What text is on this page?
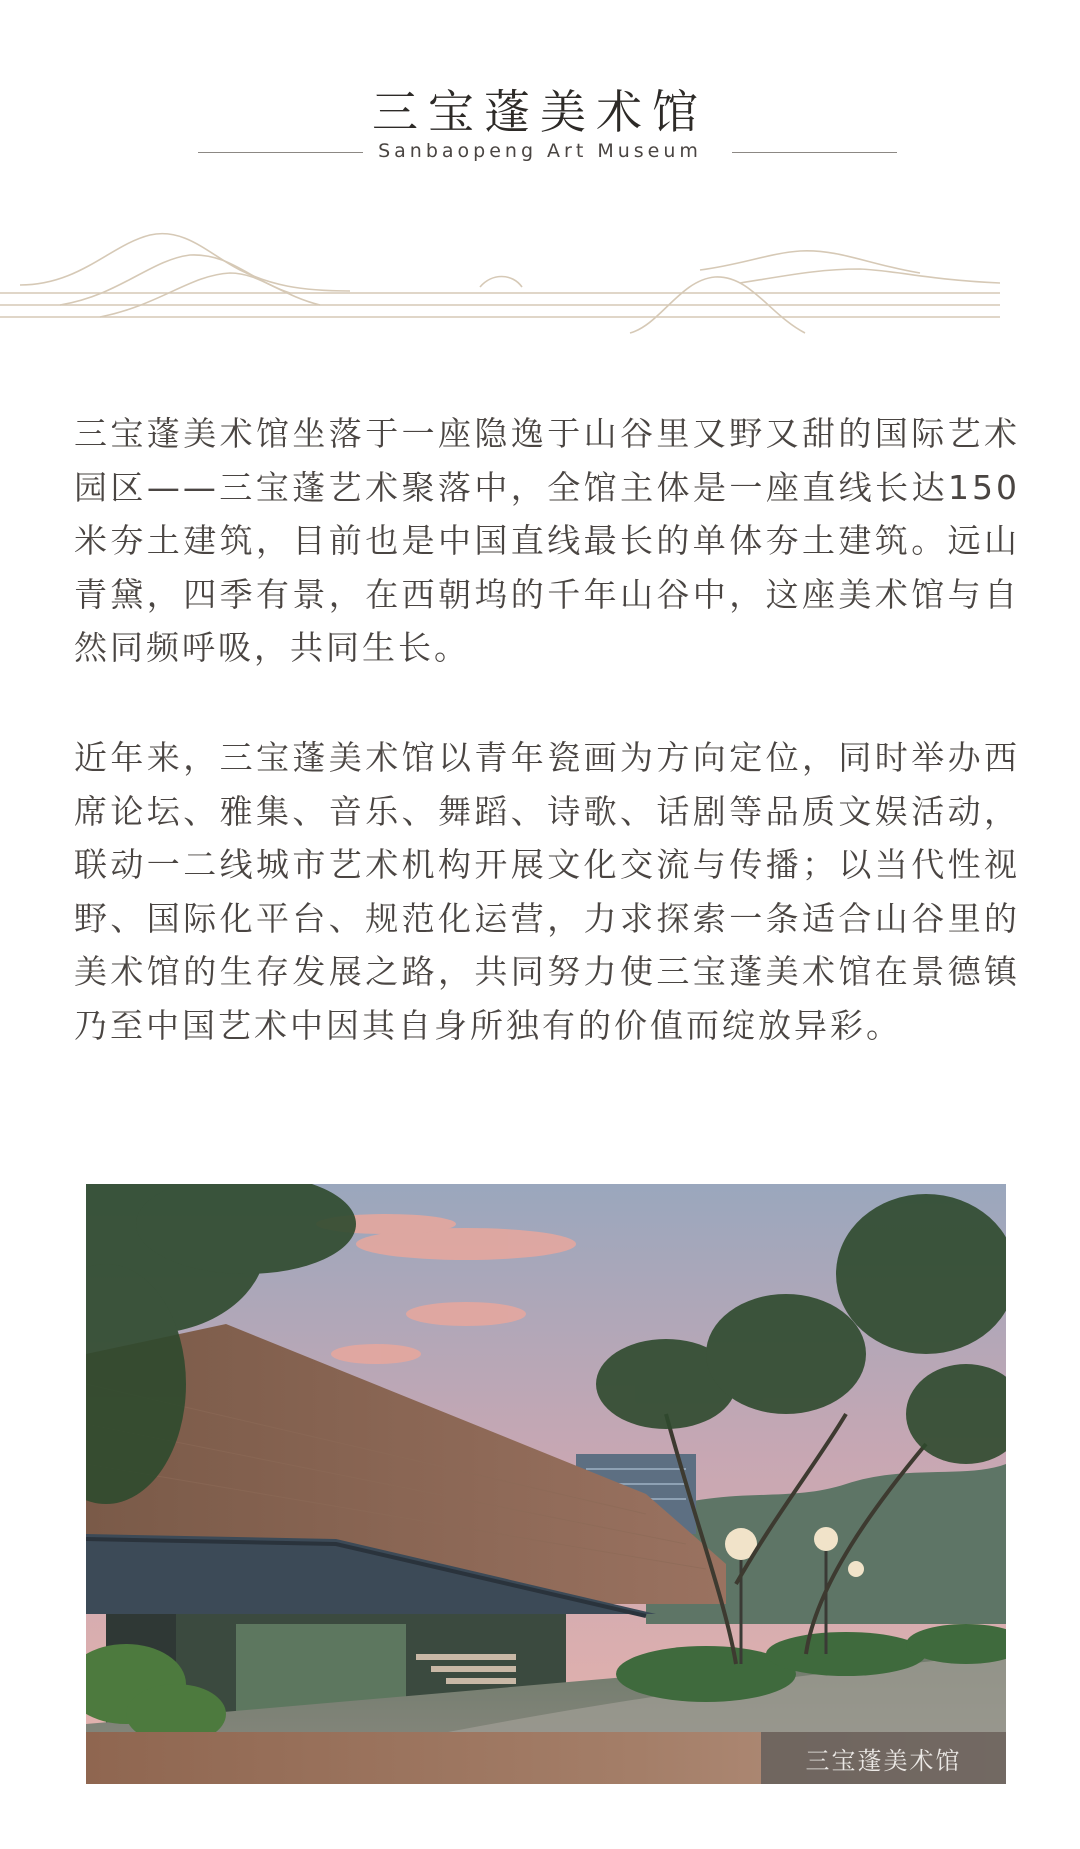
三宝蓬美术馆
Sanbaopeng Art Museum

三宝蓬美术馆坐落于一座隐逸于山谷里又野又甜的国际艺术园区——三宝蓬艺术聚落中，全馆主体是一座直线长达150米夯土建筑，目前也是中国直线最长的单体夯土建筑。远山青黛，四季有景，在西朝坞的千年山谷中，这座美术馆与自然同频呼吸，共同生长。

近年来，三宝蓬美术馆以青年瓷画为方向定位，同时举办西席论坛、雅集、音乐、舞蹈、诗歌、话剧等品质文娱活动，联动一二线城市艺术机构开展文化交流与传播；以当代性视野、国际化平台、规范化运营，力求探索一条适合山谷里的美术馆的生存发展之路，共同努力使三宝蓬美术馆在景德镇乃至中国艺术中因其自身所独有的价值而绽放异彩。

三宝蓬美术馆
